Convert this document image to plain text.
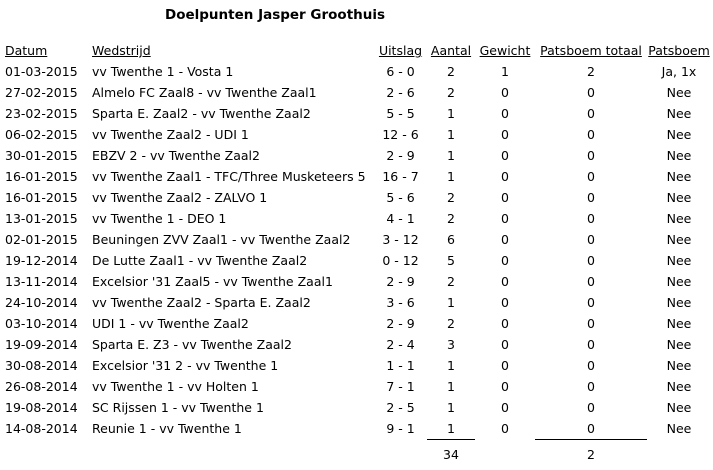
Doelpunten Jasper Groothuis
Datum	Wedstrijd	Uitslag	Aantal	Gewicht	Patsboem totaal	Patsboem
01-03-2015	vv Twenthe 1 - Vosta 1	6 - 0	2	1	2	Ja, 1x
27-02-2015	Almelo FC Zaal8 - vv Twenthe Zaal1	2 - 6	2	0	0	Nee
23-02-2015	Sparta E. Zaal2 - vv Twenthe Zaal2	5 - 5	1	0	0	Nee
06-02-2015	vv Twenthe Zaal2 - UDI 1	12 - 6	1	0	0	Nee
30-01-2015	EBZV 2 - vv Twenthe Zaal2	2 - 9	1	0	0	Nee
16-01-2015	vv Twenthe Zaal1 - TFC/Three Musketeers 5	16 - 7	1	0	0	Nee
16-01-2015	vv Twenthe Zaal2 - ZALVO 1	5 - 6	2	0	0	Nee
13-01-2015	vv Twenthe 1 - DEO 1	4 - 1	2	0	0	Nee
02-01-2015	Beuningen ZVV Zaal1 - vv Twenthe Zaal2	3 - 12	6	0	0	Nee
19-12-2014	De Lutte Zaal1 - vv Twenthe Zaal2	0 - 12	5	0	0	Nee
13-11-2014	Excelsior '31 Zaal5 - vv Twenthe Zaal1	2 - 9	2	0	0	Nee
24-10-2014	vv Twenthe Zaal2 - Sparta E. Zaal2	3 - 6	1	0	0	Nee
03-10-2014	UDI 1 - vv Twenthe Zaal2	2 - 9	2	0	0	Nee
19-09-2014	Sparta E. Z3 - vv Twenthe Zaal2	2 - 4	3	0	0	Nee
30-08-2014	Excelsior '31 2 - vv Twenthe 1	1 - 1	1	0	0	Nee
26-08-2014	vv Twenthe 1 - vv Holten 1	7 - 1	1	0	0	Nee
19-08-2014	SC Rijssen 1 - vv Twenthe 1	2 - 5	1	0	0	Nee
14-08-2014	Reunie 1 - vv Twenthe 1	9 - 1	1	0	0	Nee
			34		2	
